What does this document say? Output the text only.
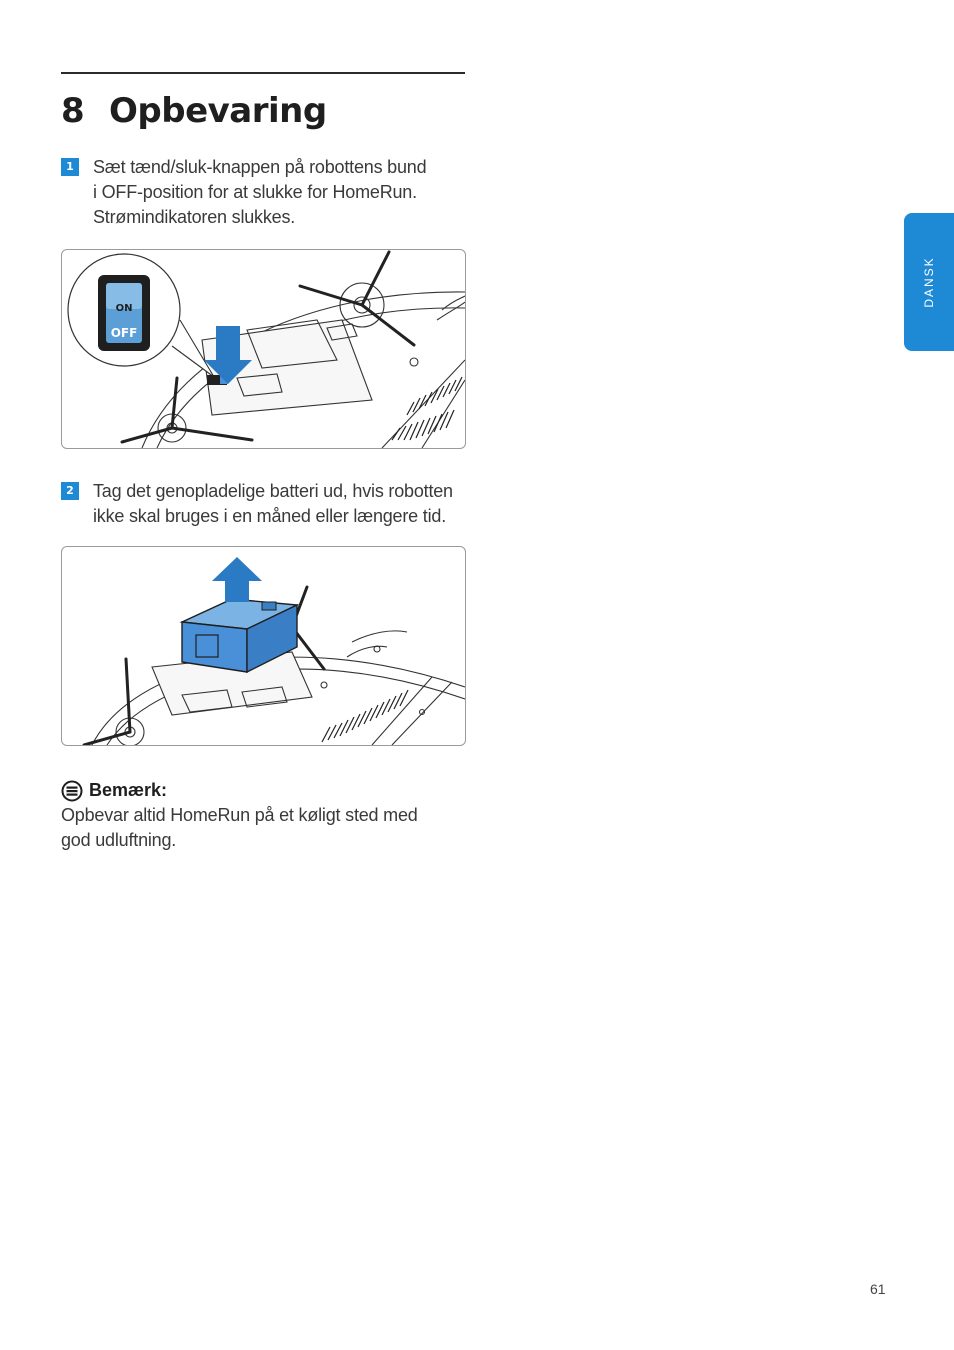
8 Opbevaring
1 Sæt tænd/sluk-knappen på robottens bund
i OFF-position for at slukke for HomeRun.
Strømindikatoren slukkes.

ON
OFF
2 Tag det genopladelige batteri ud, hvis robotten
ikke skal bruges i en måned eller længere tid.

Bemærk:

Opbevar altid HomeRun på et køligt sted med
god udluftning.

DANSK
61
